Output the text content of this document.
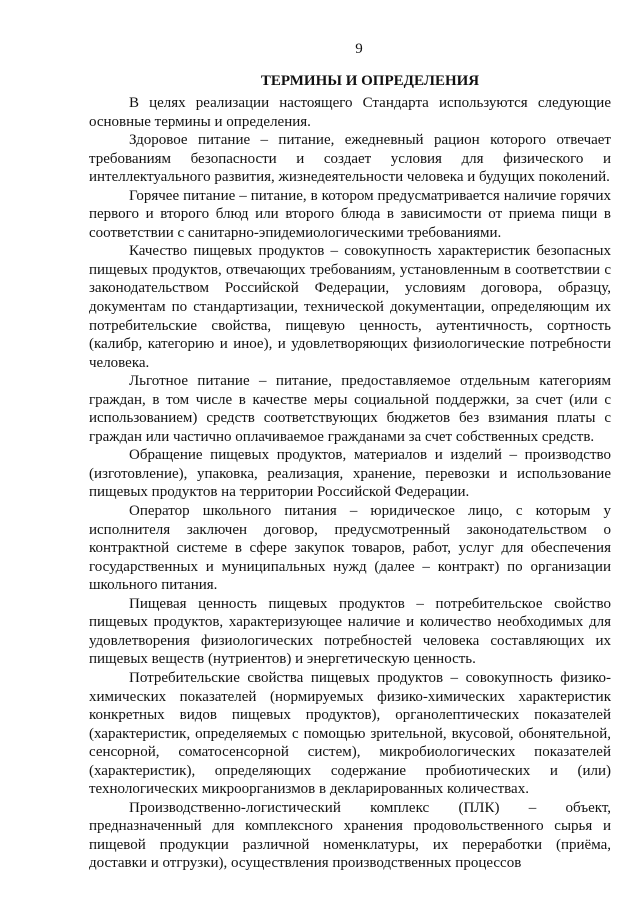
9
ТЕРМИНЫ И ОПРЕДЕЛЕНИЯ

В целях реализации настоящего Стандарта используются следующие основные термины и определения.

Здоровое питание – питание, ежедневный рацион которого отвечает требованиям безопасности и создает условия для физического и интеллектуального развития, жизнедеятельности человека и будущих поколений.

Горячее питание – питание, в котором предусматривается наличие горячих первого и второго блюд или второго блюда в зависимости от приема пищи в соответствии с санитарно-эпидемиологическими требованиями.

Качество пищевых продуктов – совокупность характеристик безопасных пищевых продуктов, отвечающих требованиям, установленным в соответствии с законодательством Российской Федерации, условиям договора, образцу, документам по стандартизации, технической документации, определяющим их потребительские свойства, пищевую ценность, аутентичность, сортность (калибр, категорию и иное), и удовлетворяющих физиологические потребности человека.

Льготное питание – питание, предоставляемое отдельным категориям граждан, в том числе в качестве меры социальной поддержки, за счет (или с использованием) средств соответствующих бюджетов без взимания платы с граждан или частично оплачиваемое гражданами за счет собственных средств.

Обращение пищевых продуктов, материалов и изделий – производство (изготовление), упаковка, реализация, хранение, перевозки и использование пищевых продуктов на территории Российской Федерации.

Оператор школьного питания – юридическое лицо, с которым у исполнителя заключен договор, предусмотренный законодательством о контрактной системе в сфере закупок товаров, работ, услуг для обеспечения государственных и муниципальных нужд (далее – контракт) по организации школьного питания.

Пищевая ценность пищевых продуктов – потребительское свойство пищевых продуктов, характеризующее наличие и количество необходимых для удовлетворения физиологических потребностей человека составляющих их пищевых веществ (нутриентов) и энергетическую ценность.

Потребительские свойства пищевых продуктов – совокупность физико-химических показателей (нормируемых физико-химических характеристик конкретных видов пищевых продуктов), органолептических показателей (характеристик, определяемых с помощью зрительной, вкусовой, обонятельной, сенсорной, соматосенсорной систем), микробиологических показателей (характеристик), определяющих содержание пробиотических и (или) технологических микроорганизмов в декларированных количествах.

Производственно-логистический комплекс (ПЛК) – объект, предназначенный для комплексного хранения продовольственного сырья и пищевой продукции различной номенклатуры, их переработки (приёма, доставки и отгрузки), осуществления производственных процессов
